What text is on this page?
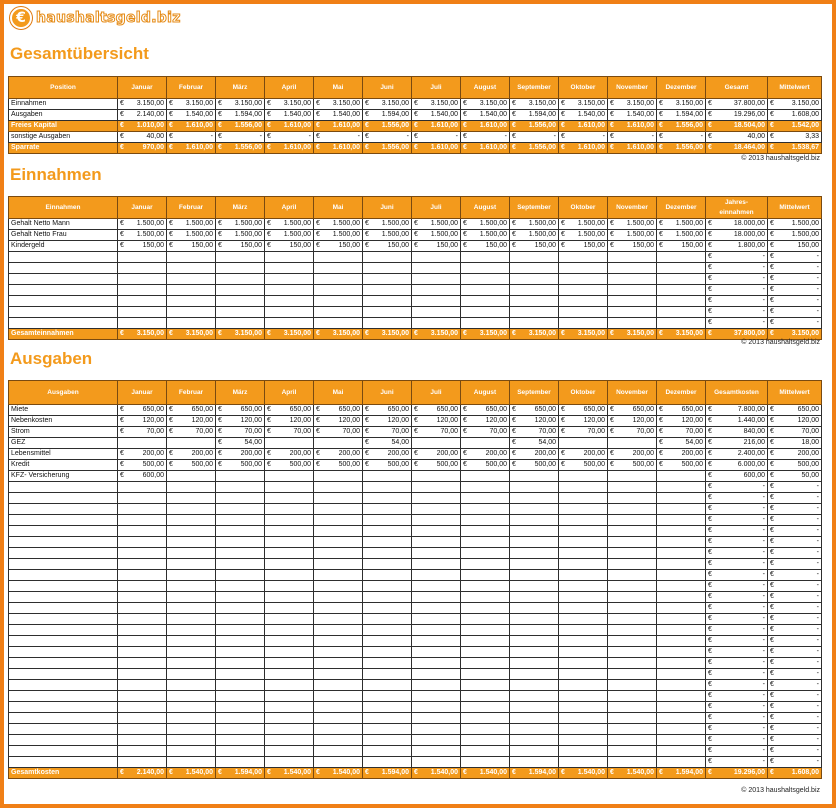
€ haushaltsgeld.biz
Gesamtübersicht
Position	Januar	Februar	März	April	Mai	Juni	Juli	August	September	Oktober	November	Dezember	Gesamt	Mittelwert
Einnahmen	€ 3.150,00	€ 3.150,00	€ 3.150,00	€ 3.150,00	€ 3.150,00	€ 3.150,00	€ 3.150,00	€ 3.150,00	€ 3.150,00	€ 3.150,00	€ 3.150,00	€ 3.150,00	€ 37.800,00	€ 3.150,00
Ausgaben	€ 2.140,00	€ 1.540,00	€ 1.594,00	€ 1.540,00	€ 1.540,00	€ 1.594,00	€ 1.540,00	€ 1.540,00	€ 1.594,00	€ 1.540,00	€ 1.540,00	€ 1.594,00	€ 19.296,00	€ 1.608,00
Freies Kapital	€ 1.010,00	€ 1.610,00	€ 1.556,00	€ 1.610,00	€ 1.610,00	€ 1.556,00	€ 1.610,00	€ 1.610,00	€ 1.556,00	€ 1.610,00	€ 1.610,00	€ 1.556,00	€ 18.504,00	€ 1.542,00
sonstige Ausgaben	€ 40,00	€ -	€ -	€ -	€ -	€ -	€ -	€ -	€ -	€ -	€ -	€ -	€ 40,00	€ 3,33
Sparrate	€ 970,00	€ 1.610,00	€ 1.556,00	€ 1.610,00	€ 1.610,00	€ 1.556,00	€ 1.610,00	€ 1.610,00	€ 1.556,00	€ 1.610,00	€ 1.610,00	€ 1.556,00	€ 18.464,00	€ 1.538,67
© 2013 haushaltsgeld.biz
Einnahmen
Einnahmen	Januar	Februar	März	April	Mai	Juni	Juli	August	September	Oktober	November	Dezember	Jahres-einnahmen	Mittelwert
Gehalt Netto Mann	€ 1.500,00	€ 1.500,00	€ 1.500,00	€ 1.500,00	€ 1.500,00	€ 1.500,00	€ 1.500,00	€ 1.500,00	€ 1.500,00	€ 1.500,00	€ 1.500,00	€ 1.500,00	€ 18.000,00	€ 1.500,00
Gehalt Netto Frau	€ 1.500,00	€ 1.500,00	€ 1.500,00	€ 1.500,00	€ 1.500,00	€ 1.500,00	€ 1.500,00	€ 1.500,00	€ 1.500,00	€ 1.500,00	€ 1.500,00	€ 1.500,00	€ 18.000,00	€ 1.500,00
Kindergeld	€ 150,00	€ 150,00	€ 150,00	€ 150,00	€ 150,00	€ 150,00	€ 150,00	€ 150,00	€ 150,00	€ 150,00	€ 150,00	€ 150,00	€ 1.800,00	€ 150,00

													€ -	€ -

													€ -	€ -

													€ -	€ -

													€ -	€ -

													€ -	€ -

													€ -	€ -

													€ -	€ -
Gesamteinnahmen	€ 3.150,00	€ 3.150,00	€ 3.150,00	€ 3.150,00	€ 3.150,00	€ 3.150,00	€ 3.150,00	€ 3.150,00	€ 3.150,00	€ 3.150,00	€ 3.150,00	€ 3.150,00	€ 37.800,00	€ 3.150,00
© 2013 haushaltsgeld.biz
Ausgaben
Ausgaben	Januar	Februar	März	April	Mai	Juni	Juli	August	September	Oktober	November	Dezember	Gesamtkosten	Mittelwert
Miete	€ 650,00	€ 650,00	€ 650,00	€ 650,00	€ 650,00	€ 650,00	€ 650,00	€ 650,00	€ 650,00	€ 650,00	€ 650,00	€ 650,00	€ 7.800,00	€ 650,00
Nebenkosten	€ 120,00	€ 120,00	€ 120,00	€ 120,00	€ 120,00	€ 120,00	€ 120,00	€ 120,00	€ 120,00	€ 120,00	€ 120,00	€ 120,00	€ 1.440,00	€ 120,00
Strom	€ 70,00	€ 70,00	€ 70,00	€ 70,00	€ 70,00	€ 70,00	€ 70,00	€ 70,00	€ 70,00	€ 70,00	€ 70,00	€ 70,00	€ 840,00	€ 70,00
GEZ			€ 54,00			€ 54,00			€ 54,00			€ 54,00	€ 216,00	€ 18,00
Lebensmittel	€ 200,00	€ 200,00	€ 200,00	€ 200,00	€ 200,00	€ 200,00	€ 200,00	€ 200,00	€ 200,00	€ 200,00	€ 200,00	€ 200,00	€ 2.400,00	€ 200,00
Kredit	€ 500,00	€ 500,00	€ 500,00	€ 500,00	€ 500,00	€ 500,00	€ 500,00	€ 500,00	€ 500,00	€ 500,00	€ 500,00	€ 500,00	€ 6.000,00	€ 500,00
KFZ- Versicherung	€ 600,00												€ 600,00	€ 50,00

													€ -	€ -

													€ -	€ -

													€ -	€ -

													€ -	€ -

													€ -	€ -

													€ -	€ -

													€ -	€ -

													€ -	€ -

													€ -	€ -

													€ -	€ -

													€ -	€ -

													€ -	€ -

													€ -	€ -

													€ -	€ -

													€ -	€ -

													€ -	€ -

													€ -	€ -

													€ -	€ -

													€ -	€ -

													€ -	€ -

													€ -	€ -

													€ -	€ -

													€ -	€ -

													€ -	€ -

													€ -	€ -

													€ -	€ -
Gesamtkosten	€ 2.140,00	€ 1.540,00	€ 1.594,00	€ 1.540,00	€ 1.540,00	€ 1.594,00	€ 1.540,00	€ 1.540,00	€ 1.594,00	€ 1.540,00	€ 1.540,00	€ 1.594,00	€ 19.296,00	€ 1.608,00
© 2013 haushaltsgeld.biz
